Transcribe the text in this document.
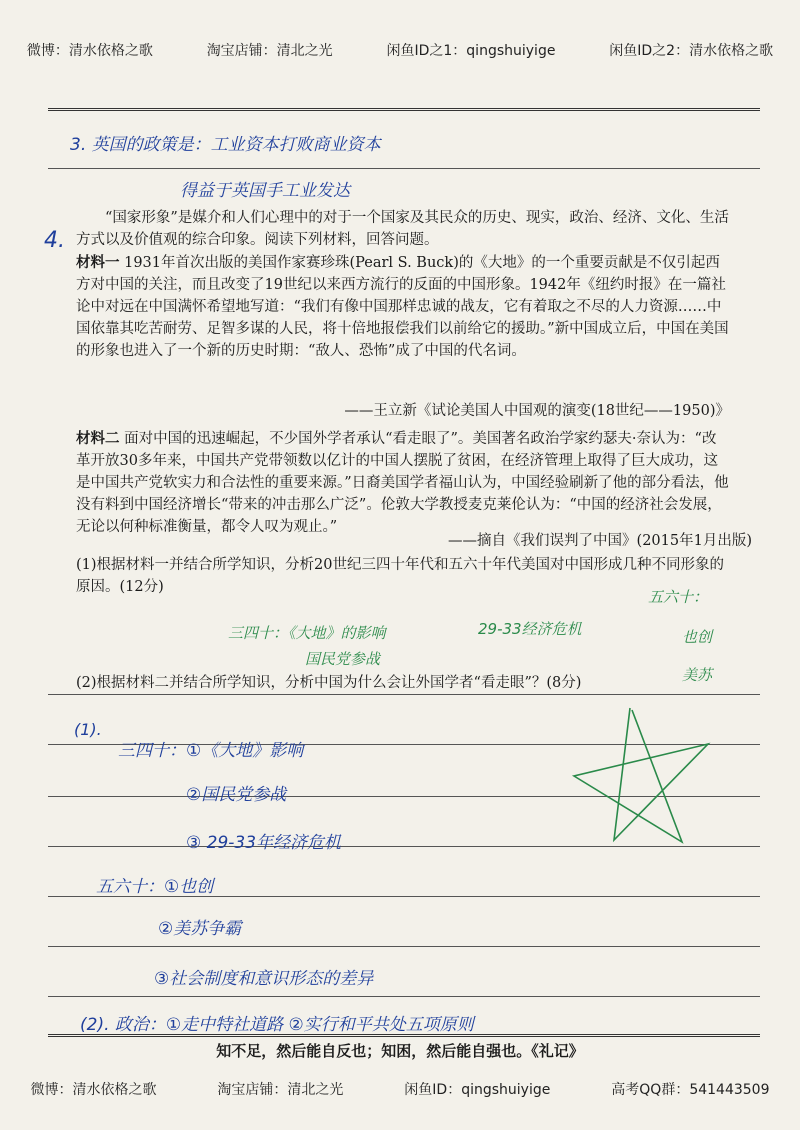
微博：清水依格之歌	淘宝店铺：清北之光	闲鱼ID之1：qingshuiyige	闲鱼ID之2：清水依格之歌
3. 英国的政策是：工业资本打败商业资本
得益于英国手工业发达
4.
“国家形象”是媒介和人们心理中的对于一个国家及其民众的历史、现实，政治、经济、文化、生活方式以及价值观的综合印象。阅读下列材料，回答问题。
材料一 1931年首次出版的美国作家赛珍珠(Pearl S. Buck)的《大地》的一个重要贡献是不仅引起西方对中国的关注，而且改变了19世纪以来西方流行的反面的中国形象。1942年《纽约时报》在一篇社论中对远在中国满怀希望地写道：“我们有像中国那样忠诚的战友，它有着取之不尽的人力资源……中国依靠其吃苦耐劳、足智多谋的人民，将十倍地报偿我们以前给它的援助。”新中国成立后，中国在美国的形象也进入了一个新的历史时期：“敌人、恐怖”成了中国的代名词。
——王立新《试论美国人中国观的演变(18世纪——1950)》
材料二 面对中国的迅速崛起，不少国外学者承认“看走眼了”。美国著名政治学家约瑟夫·奈认为：“改革开放30多年来，中国共产党带领数以亿计的中国人摆脱了贫困，在经济管理上取得了巨大成功，这是中国共产党软实力和合法性的重要来源。”日裔美国学者福山认为，中国经验刷新了他的部分看法，他没有料到中国经济增长“带来的冲击那么广泛”。伦敦大学教授麦克莱伦认为：“中国的经济社会发展，无论以何种标准衡量，都令人叹为观止。”
——摘自《我们误判了中国》(2015年1月出版)
(1)根据材料一并结合所学知识，分析20世纪三四十年代和五六十年代美国对中国形成几种不同形象的原因。(12分)
三四十：《大地》的影响
国民党参战
29-33经济危机
五六十：
也创
美苏
(2)根据材料二并结合所学知识，分析中国为什么会让外国学者“看走眼”？(8分)
(1).
三四十：①《大地》影响
②国民党参战
③ 29-33年经济危机
五六十：①也创
②美苏争霸
③社会制度和意识形态的差异
(2). 政治：①走中特社道路 ②实行和平共处五项原则
知不足，然后能自反也；知困，然后能自强也。《礼记》
微博：清水依格之歌	淘宝店铺：清北之光	闲鱼ID：qingshuiyige	高考QQ群：541443509
